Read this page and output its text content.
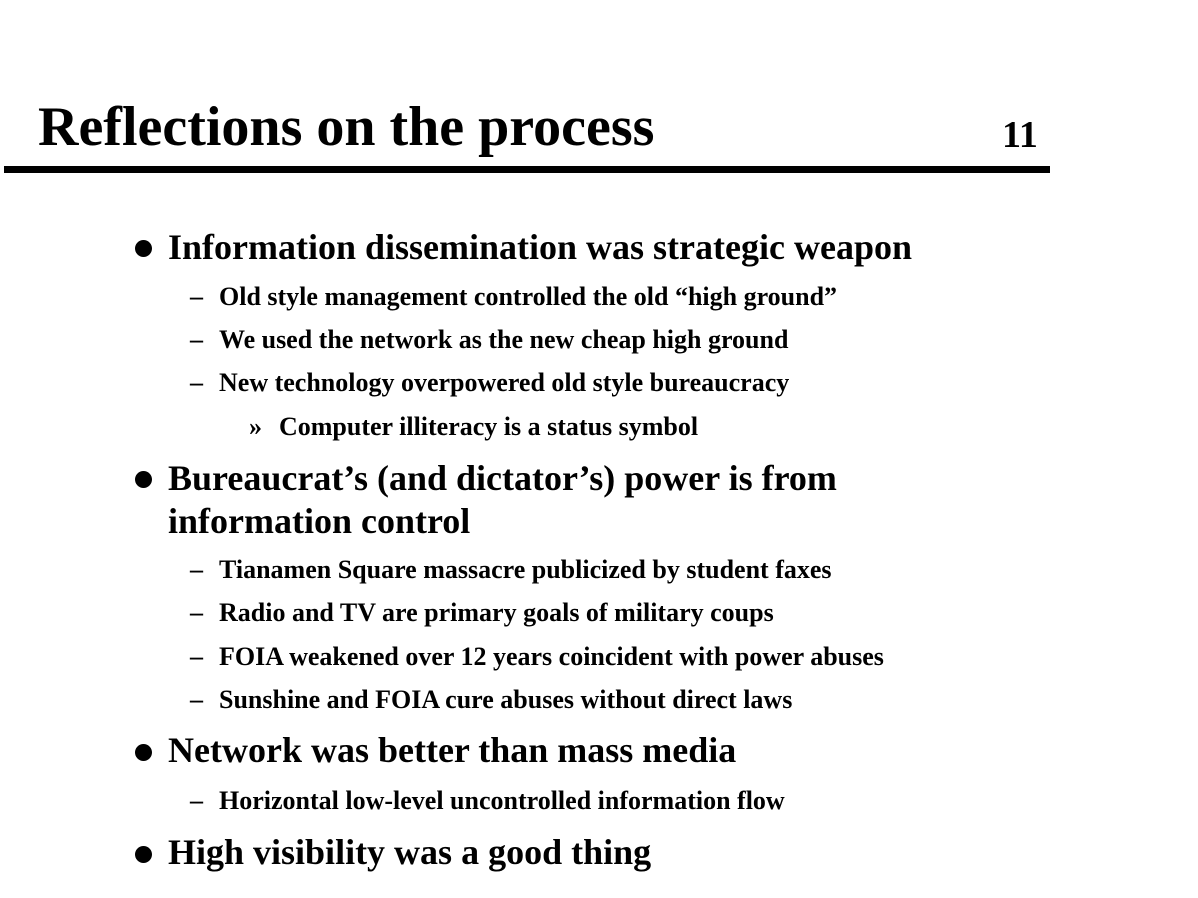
Reflections on the process	11
Information dissemination was strategic weapon
– Old style management controlled the old “high ground”
– We used the network as the new cheap high ground
– New technology overpowered old style bureaucracy
» Computer illiteracy is a status symbol
Bureaucrat’s (and dictator’s) power is from
information control
– Tianamen Square massacre publicized by student faxes
– Radio and TV are primary goals of military coups
– FOIA weakened over 12 years coincident with power abuses
– Sunshine and FOIA cure abuses without direct laws
Network was better than mass media
– Horizontal low-level uncontrolled information flow
High visibility was a good thing
